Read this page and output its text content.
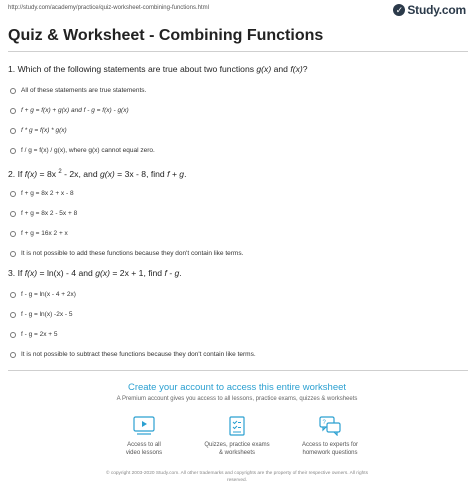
http://study.com/academy/practice/quiz-worksheet-combining-functions.html	✓ Study.com
Quiz & Worksheet - Combining Functions
1. Which of the following statements are true about two functions g(x) and f(x)?
All of these statements are true statements.
f + g = f(x) + g(x) and f - g = f(x) - g(x)
f * g = f(x) * g(x)
f / g = f(x) / g(x), where g(x) cannot equal zero.
2. If f(x) = 8x $^2$ - 2x, and g(x) = 3x - 8, find f + g.
f + g = 8x 2 + x - 8
f + g = 8x 2 - 5x + 8
f + g = 16x 2 + x
It is not possible to add these functions because they don't contain like terms.
3. If f(x) = ln(x) - 4 and g(x) = 2x + 1, find f - g.
f - g = ln(x - 4 + 2x)
f - g = ln(x) -2x - 5
f - g = 2x + 5
It is not possible to subtract these functions because they don't contain like terms.
Create your account to access this entire worksheet
A Premium account gives you access to all lessons, practice exams, quizzes & worksheets
Access to all
video lessons
Quizzes, practice exams
& worksheets
?
Access to experts for
homework questions
© copyright 2003-2020 Study.com. All other trademarks and copyrights are the property of their respective owners. All rights
reserved.
